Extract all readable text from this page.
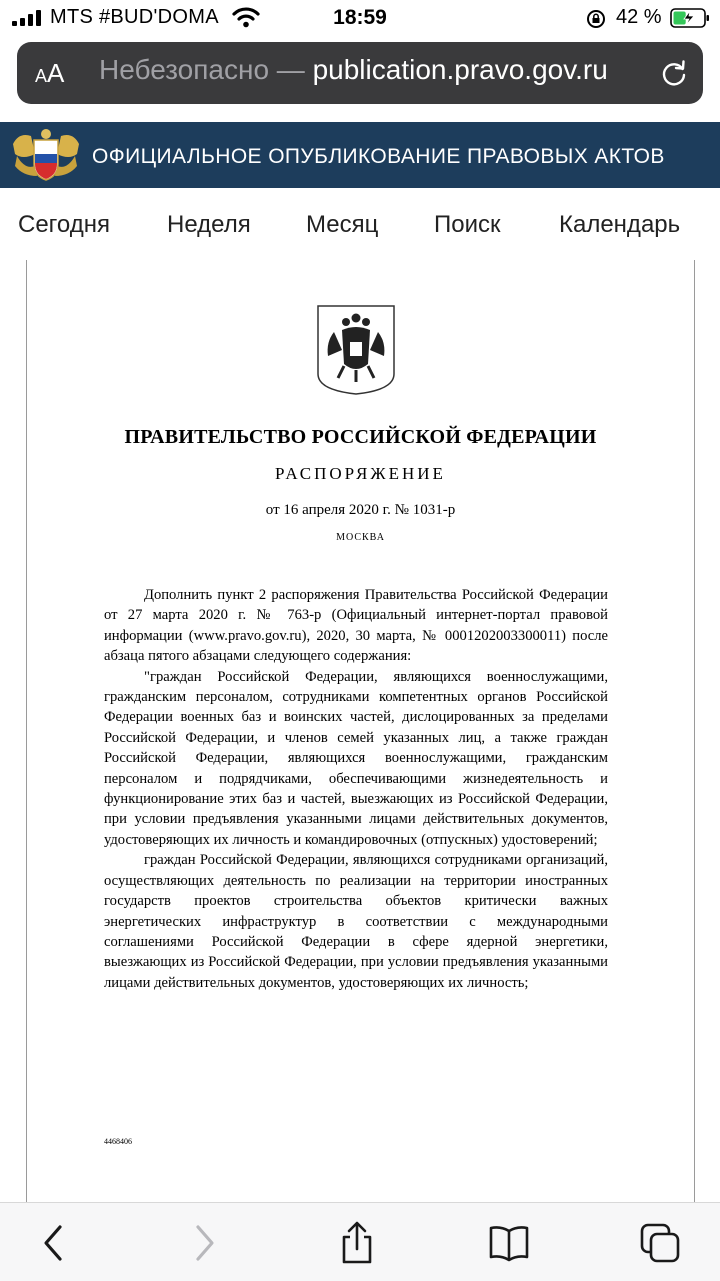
MTS #BUD'DOMA	18:59	42 %
AA Небезопасно — publication.pravo.gov.ru
ОФИЦИАЛЬНОЕ ОПУБЛИКОВАНИЕ ПРАВОВЫХ АКТОВ
Сегодня Неделя Месяц Поиск Календарь
ПРАВИТЕЛЬСТВО РОССИЙСКОЙ ФЕДЕРАЦИИ
РАСПОРЯЖЕНИЕ
от 16 апреля 2020 г. № 1031-р
МОСКВА

Дополнить пункт 2 распоряжения Правительства Российской Федерации от 27 марта 2020 г. № 763-р (Официальный интернет-портал правовой информации (www.pravo.gov.ru), 2020, 30 марта, № 0001202003300011) после абзаца пятого абзацами следующего содержания:

"граждан Российской Федерации, являющихся военнослужащими, гражданским персоналом, сотрудниками компетентных органов Российской Федерации военных баз и воинских частей, дислоцированных за пределами Российской Федерации, и членов семей указанных лиц, а также граждан Российской Федерации, являющихся военнослужащими, гражданским персоналом и подрядчиками, обеспечивающими жизнедеятельность и функционирование этих баз и частей, выезжающих из Российской Федерации, при условии предъявления указанными лицами действительных документов, удостоверяющих их личность и командировочных (отпускных) удостоверений;

граждан Российской Федерации, являющихся сотрудниками организаций, осуществляющих деятельность по реализации на территории иностранных государств проектов строительства объектов критически важных энергетических инфраструктур в соответствии с международными соглашениями Российской Федерации в сфере ядерной энергетики, выезжающих из Российской Федерации, при условии предъявления указанными лицами действительных документов, удостоверяющих их личность;

4468406
